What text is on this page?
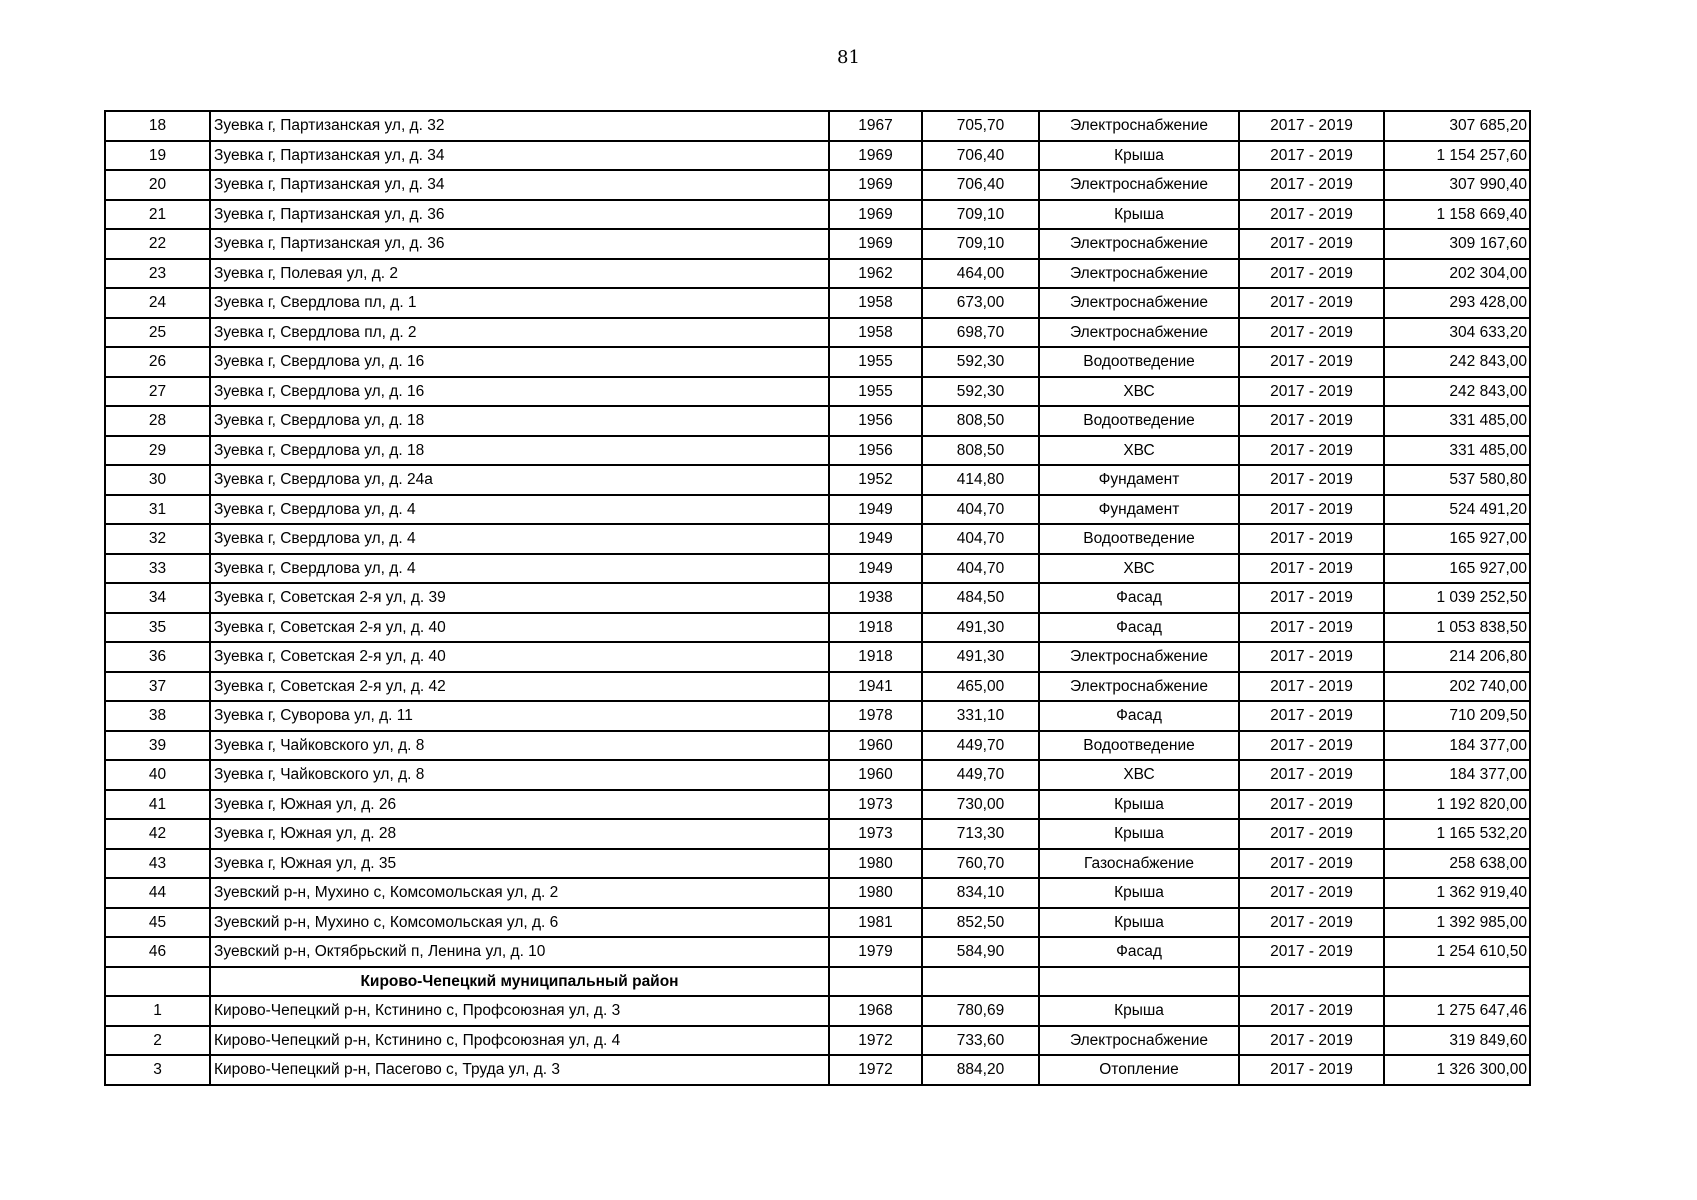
81
18	Зуевка г, Партизанская ул, д. 32	1967	705,70	Электроснабжение	2017 - 2019	307 685,20
19	Зуевка г, Партизанская ул, д. 34	1969	706,40	Крыша	2017 - 2019	1 154 257,60
20	Зуевка г, Партизанская ул, д. 34	1969	706,40	Электроснабжение	2017 - 2019	307 990,40
21	Зуевка г, Партизанская ул, д. 36	1969	709,10	Крыша	2017 - 2019	1 158 669,40
22	Зуевка г, Партизанская ул, д. 36	1969	709,10	Электроснабжение	2017 - 2019	309 167,60
23	Зуевка г, Полевая ул, д. 2	1962	464,00	Электроснабжение	2017 - 2019	202 304,00
24	Зуевка г, Свердлова пл, д. 1	1958	673,00	Электроснабжение	2017 - 2019	293 428,00
25	Зуевка г, Свердлова пл, д. 2	1958	698,70	Электроснабжение	2017 - 2019	304 633,20
26	Зуевка г, Свердлова ул, д. 16	1955	592,30	Водоотведение	2017 - 2019	242 843,00
27	Зуевка г, Свердлова ул, д. 16	1955	592,30	ХВС	2017 - 2019	242 843,00
28	Зуевка г, Свердлова ул, д. 18	1956	808,50	Водоотведение	2017 - 2019	331 485,00
29	Зуевка г, Свердлова ул, д. 18	1956	808,50	ХВС	2017 - 2019	331 485,00
30	Зуевка г, Свердлова ул, д. 24а	1952	414,80	Фундамент	2017 - 2019	537 580,80
31	Зуевка г, Свердлова ул, д. 4	1949	404,70	Фундамент	2017 - 2019	524 491,20
32	Зуевка г, Свердлова ул, д. 4	1949	404,70	Водоотведение	2017 - 2019	165 927,00
33	Зуевка г, Свердлова ул, д. 4	1949	404,70	ХВС	2017 - 2019	165 927,00
34	Зуевка г, Советская 2-я ул, д. 39	1938	484,50	Фасад	2017 - 2019	1 039 252,50
35	Зуевка г, Советская 2-я ул, д. 40	1918	491,30	Фасад	2017 - 2019	1 053 838,50
36	Зуевка г, Советская 2-я ул, д. 40	1918	491,30	Электроснабжение	2017 - 2019	214 206,80
37	Зуевка г, Советская 2-я ул, д. 42	1941	465,00	Электроснабжение	2017 - 2019	202 740,00
38	Зуевка г, Суворова ул, д. 11	1978	331,10	Фасад	2017 - 2019	710 209,50
39	Зуевка г, Чайковского ул, д. 8	1960	449,70	Водоотведение	2017 - 2019	184 377,00
40	Зуевка г, Чайковского ул, д. 8	1960	449,70	ХВС	2017 - 2019	184 377,00
41	Зуевка г, Южная ул, д. 26	1973	730,00	Крыша	2017 - 2019	1 192 820,00
42	Зуевка г, Южная ул, д. 28	1973	713,30	Крыша	2017 - 2019	1 165 532,20
43	Зуевка г, Южная ул, д. 35	1980	760,70	Газоснабжение	2017 - 2019	258 638,00
44	Зуевский р-н, Мухино с, Комсомольская ул, д. 2	1980	834,10	Крыша	2017 - 2019	1 362 919,40
45	Зуевский р-н, Мухино с, Комсомольская ул, д. 6	1981	852,50	Крыша	2017 - 2019	1 392 985,00
46	Зуевский р-н, Октябрьский п, Ленина ул, д. 10	1979	584,90	Фасад	2017 - 2019	1 254 610,50
	Кирово-Чепецкий муниципальный район					
1	Кирово-Чепецкий р-н, Кстинино с, Профсоюзная ул, д. 3	1968	780,69	Крыша	2017 - 2019	1 275 647,46
2	Кирово-Чепецкий р-н, Кстинино с, Профсоюзная ул, д. 4	1972	733,60	Электроснабжение	2017 - 2019	319 849,60
3	Кирово-Чепецкий р-н, Пасегово с, Труда ул, д. 3	1972	884,20	Отопление	2017 - 2019	1 326 300,00
